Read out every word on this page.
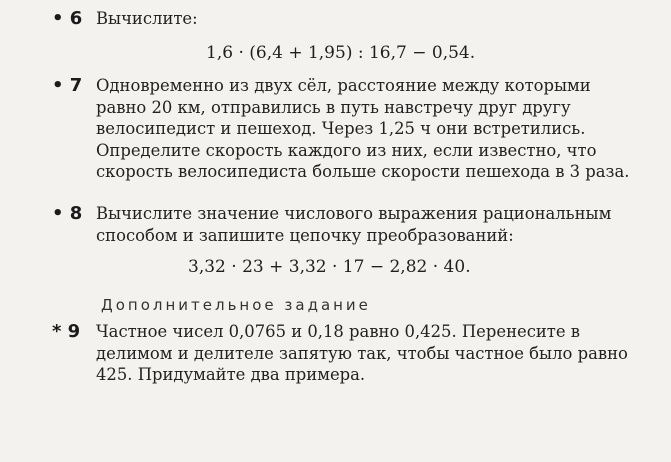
• 6 Вычислите:
1,6 · (6,4 + 1,95) : 16,7 − 0,54.
• 7 Одновременно из двух сёл, расстояние между которыми равно 20 км, отправились в путь навстречу друг другу велосипедист и пешеход. Через 1,25 ч они встретились. Определите скорость каждого из них, если известно, что скорость велосипедиста больше скорости пешехода в 3 раза.
• 8 Вычислите значение числового выражения рациональным способом и запишите цепочку преобразований:
3,32 · 23 + 3,32 · 17 − 2,82 · 40.
Дополнительное задание
* 9 Частное чисел 0,0765 и 0,18 равно 0,425. Перенесите в делимом и делителе запятую так, чтобы частное было равно 425. Придумайте два примера.
